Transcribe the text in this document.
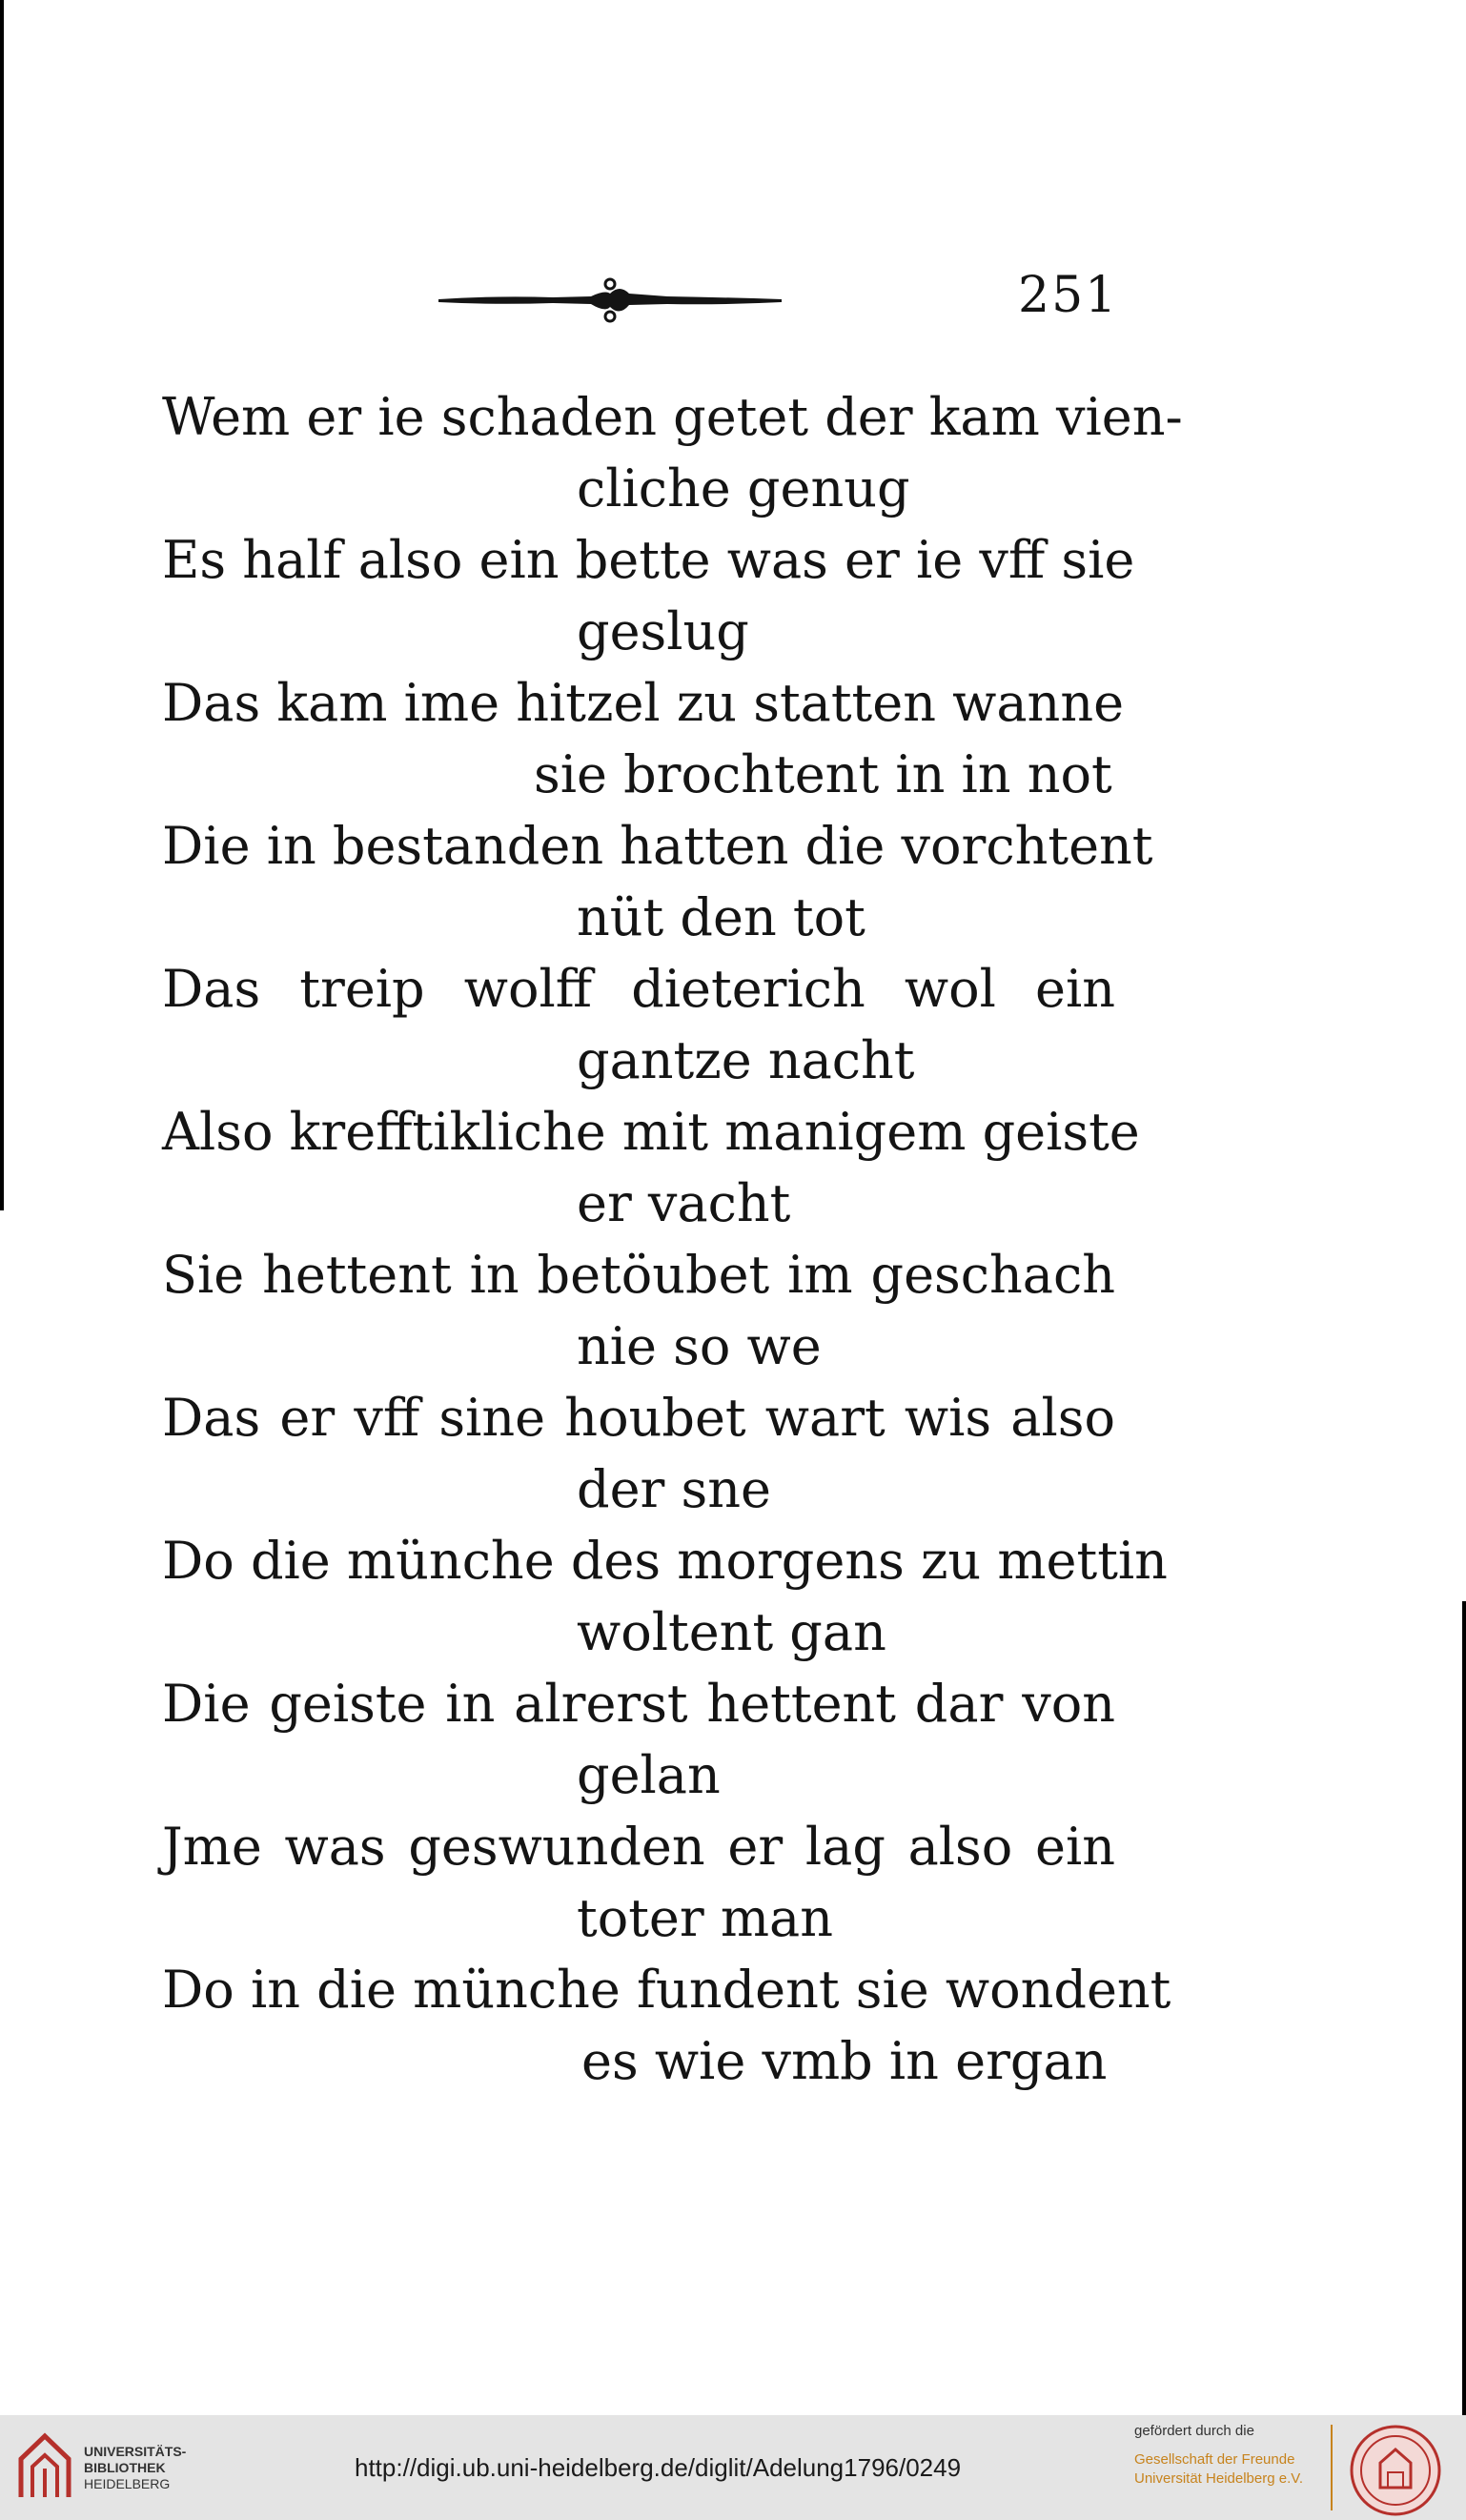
251
Wem er ie schaden getet der kam vien-
cliche genug
Es half also ein bette was er ie vff sie
geslug
Das kam ime hitzel zu statten wanne
sie brochtent in in not
Die in bestanden hatten die vorchtent
nüt den tot
Das treip wolff dieterich wol ein
gantze nacht
Also krefftikliche mit manigem geiste
er vacht
Sie hettent in betöubet im geschach
nie so we
Das er vff sine houbet wart wis also
der sne
Do die münche des morgens zu mettin
woltent gan
Die geiste in alrerst hettent dar von
gelan
Jme was geswunden er lag also ein
toter man
Do in die münche fundent sie wondent
es wie vmb in ergan
UNIVERSITÄTS-
BIBLIOTHEK
HEIDELBERG
http://digi.ub.uni-heidelberg.de/diglit/Adelung1796/0249
gefördert durch die
Gesellschaft der Freunde
Universität Heidelberg e.V.
